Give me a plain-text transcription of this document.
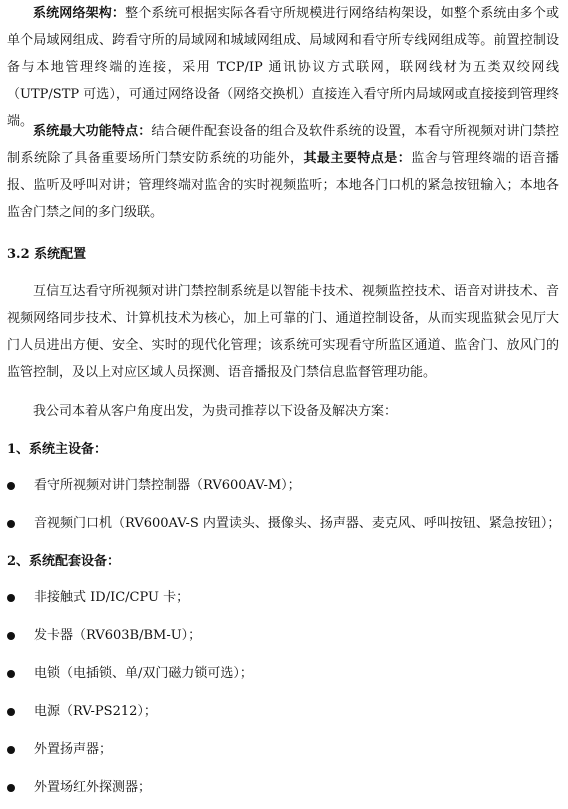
系统网络架构：整个系统可根据实际各看守所规模进行网络结构架设，如整个系统由多个或单个局域网组成、跨看守所的局域网和城域网组成、局域网和看守所专线网组成等。前置控制设备与本地管理终端的连接，采用 TCP/IP 通讯协议方式联网，联网线材为五类双绞网线（UTP/STP 可选），可通过网络设备（网络交换机）直接连入看守所内局域网或直接接到管理终端。

系统最大功能特点：结合硬件配套设备的组合及软件系统的设置，本看守所视频对讲门禁控制系统除了具备重要场所门禁安防系统的功能外，其最主要特点是：监舍与管理终端的语音播报、监听及呼叫对讲；管理终端对监舍的实时视频监听；本地各门口机的紧急按钮输入；本地各监舍门禁之间的多门级联。

3.2 系统配置

互信互达看守所视频对讲门禁控制系统是以智能卡技术、视频监控技术、语音对讲技术、音视频网络同步技术、计算机技术为核心，加上可靠的门、通道控制设备，从而实现监狱会见厅大门人员进出方便、安全、实时的现代化管理；该系统可实现看守所监区通道、监舍门、放风门的监管控制，及以上对应区域人员探测、语音播报及门禁信息监督管理功能。

我公司本着从客户角度出发，为贵司推荐以下设备及解决方案：

1、系统主设备：
看守所视频对讲门禁控制器（RV600AV-M）；
音视频门口机（RV600AV-S 内置读头、摄像头、扬声器、麦克风、呼叫按钮、紧急按钮）；
2、系统配套设备：
非接触式 ID/IC/CPU 卡；
发卡器（RV603B/BM-U）；
电锁（电插锁、单/双门磁力锁可选）；
电源（RV-PS212）；
外置扬声器；
外置场红外探测器；
